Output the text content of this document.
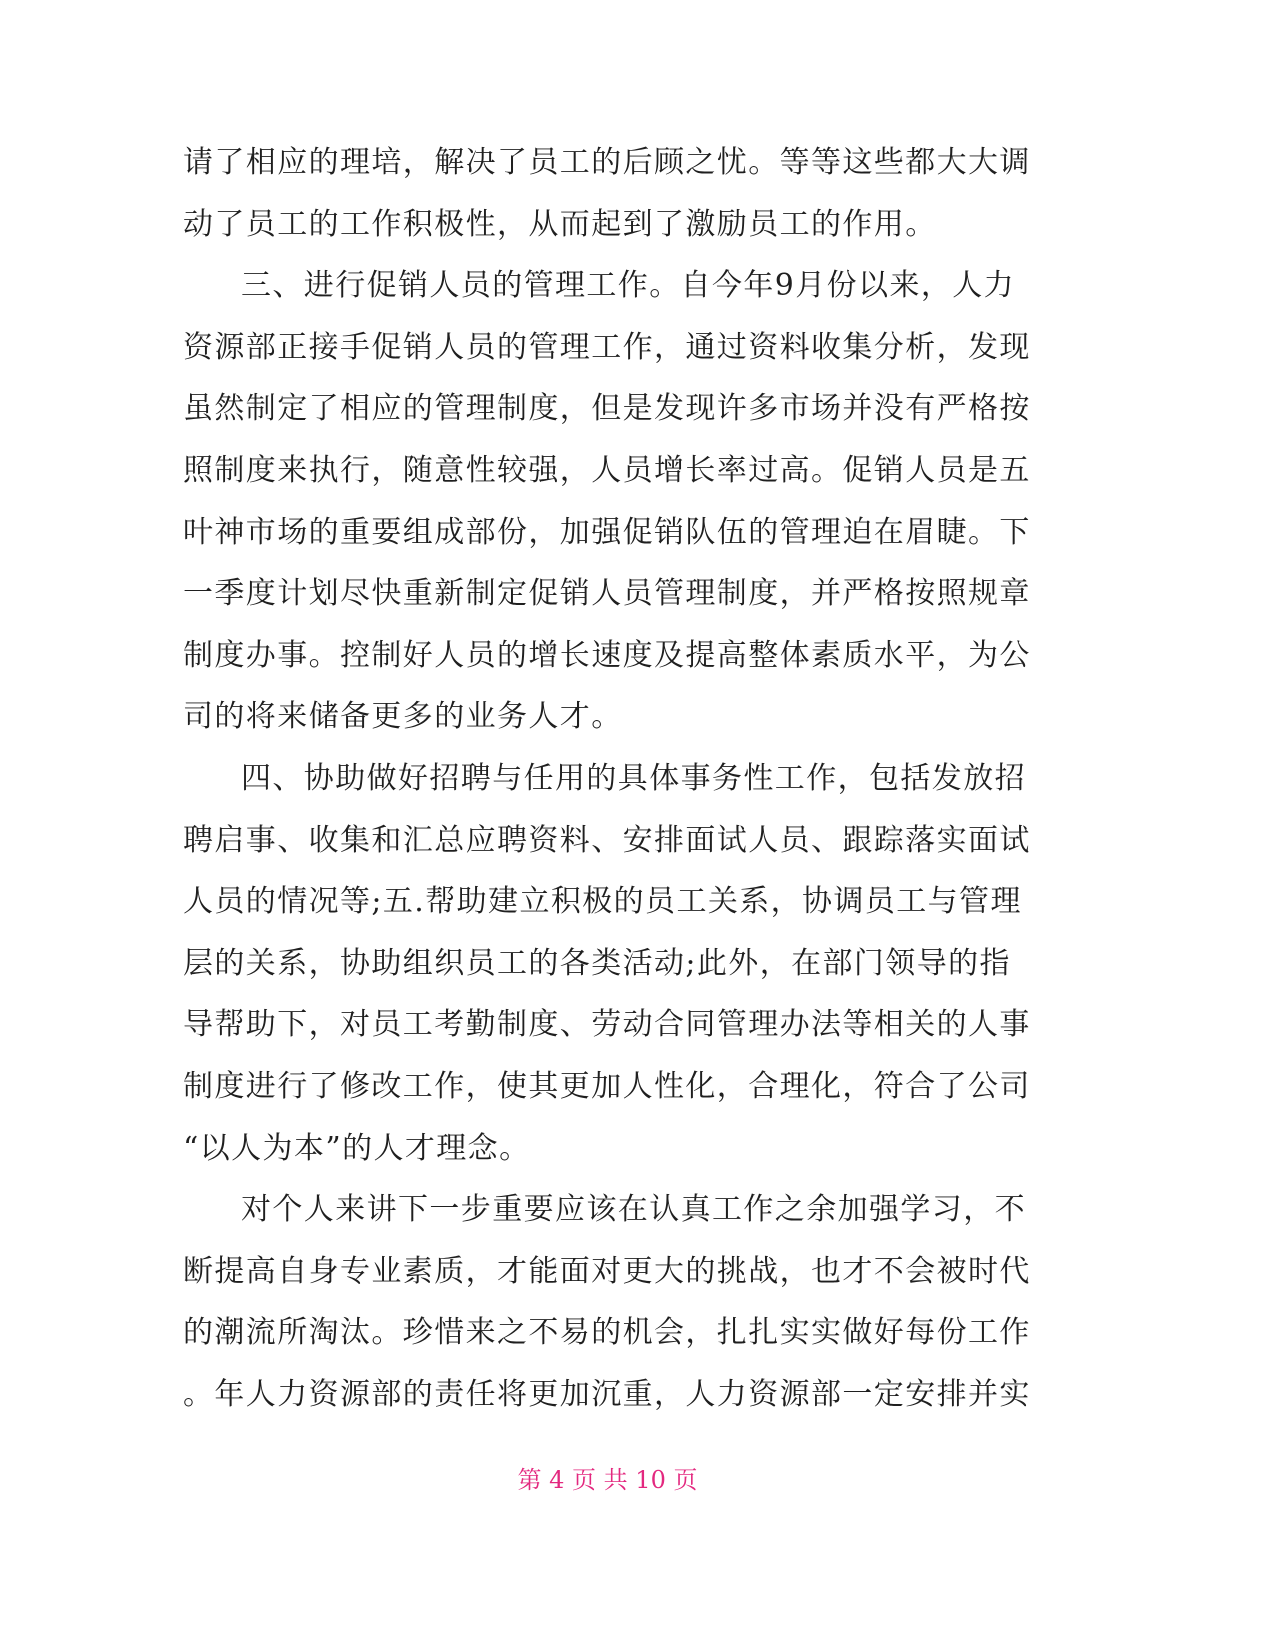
请了相应的理培，解决了员工的后顾之忧。等等这些都大大调
动了员工的工作积极性，从而起到了激励员工的作用。
三、进行促销人员的管理工作。自今年9月份以来，人力
资源部正接手促销人员的管理工作，通过资料收集分析，发现
虽然制定了相应的管理制度，但是发现许多市场并没有严格按
照制度来执行，随意性较强，人员增长率过高。促销人员是五
叶神市场的重要组成部份，加强促销队伍的管理迫在眉睫。下
一季度计划尽快重新制定促销人员管理制度，并严格按照规章
制度办事。控制好人员的增长速度及提高整体素质水平，为公
司的将来储备更多的业务人才。
四、协助做好招聘与任用的具体事务性工作，包括发放招
聘启事、收集和汇总应聘资料、安排面试人员、跟踪落实面试
人员的情况等;五.帮助建立积极的员工关系，协调员工与管理
层的关系，协助组织员工的各类活动;此外，在部门领导的指
导帮助下，对员工考勤制度、劳动合同管理办法等相关的人事
制度进行了修改工作，使其更加人性化，合理化，符合了公司
“以人为本”的人才理念。
对个人来讲下一步重要应该在认真工作之余加强学习，不
断提高自身专业素质，才能面对更大的挑战，也才不会被时代
的潮流所淘汰。珍惜来之不易的机会，扎扎实实做好每份工作
。年人力资源部的责任将更加沉重，人力资源部一定安排并实
第 4 页 共 10 页
